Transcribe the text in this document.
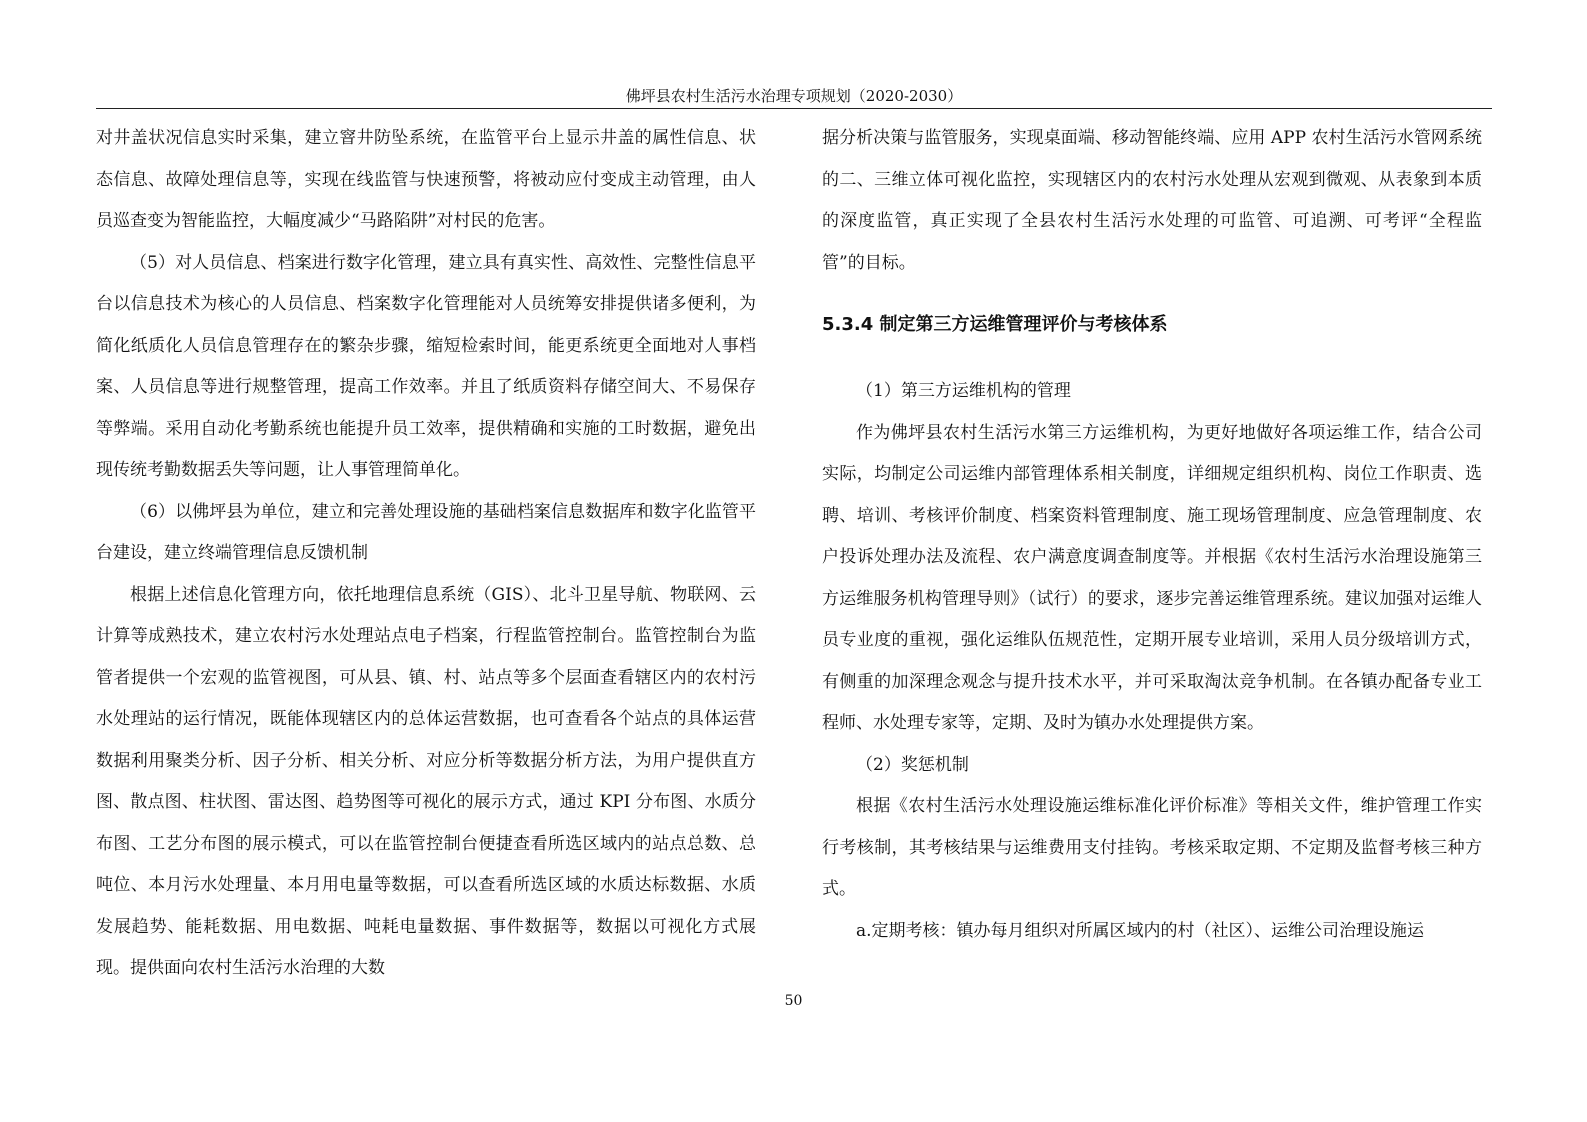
佛坪县农村生活污水治理专项规划（2020-2030）

对井盖状况信息实时采集，建立窨井防坠系统，在监管平台上显示井盖的属性信息、状态信息、故障处理信息等，实现在线监管与快速预警，将被动应付变成主动管理，由人员巡查变为智能监控，大幅度减少“马路陷阱”对村民的危害。

（5）对人员信息、档案进行数字化管理，建立具有真实性、高效性、完整性信息平台以信息技术为核心的人员信息、档案数字化管理能对人员统筹安排提供诸多便利，为简化纸质化人员信息管理存在的繁杂步骤，缩短检索时间，能更系统更全面地对人事档案、人员信息等进行规整管理，提高工作效率。并且了纸质资料存储空间大、不易保存等弊端。采用自动化考勤系统也能提升员工效率，提供精确和实施的工时数据，避免出现传统考勤数据丢失等问题，让人事管理简单化。

（6）以佛坪县为单位，建立和完善处理设施的基础档案信息数据库和数字化监管平台建设，建立终端管理信息反馈机制

根据上述信息化管理方向，依托地理信息系统（GIS）、北斗卫星导航、物联网、云计算等成熟技术，建立农村污水处理站点电子档案，行程监管控制台。监管控制台为监管者提供一个宏观的监管视图，可从县、镇、村、站点等多个层面查看辖区内的农村污水处理站的运行情况，既能体现辖区内的总体运营数据，也可查看各个站点的具体运营数据利用聚类分析、因子分析、相关分析、对应分析等数据分析方法，为用户提供直方图、散点图、柱状图、雷达图、趋势图等可视化的展示方式，通过 KPI 分布图、水质分布图、工艺分布图的展示模式，可以在监管控制台便捷查看所选区域内的站点总数、总吨位、本月污水处理量、本月用电量等数据，可以查看所选区域的水质达标数据、水质发展趋势、能耗数据、用电数据、吨耗电量数据、事件数据等，数据以可视化方式展现。提供面向农村生活污水治理的大数

据分析决策与监管服务，实现桌面端、移动智能终端、应用 APP 农村生活污水管网系统的二、三维立体可视化监控，实现辖区内的农村污水处理从宏观到微观、从表象到本质的深度监管，真正实现了全县农村生活污水处理的可监管、可追溯、可考评“全程监管”的目标。

5.3.4 制定第三方运维管理评价与考核体系

（1）第三方运维机构的管理

作为佛坪县农村生活污水第三方运维机构，为更好地做好各项运维工作，结合公司实际，均制定公司运维内部管理体系相关制度，详细规定组织机构、岗位工作职责、选聘、培训、考核评价制度、档案资料管理制度、施工现场管理制度、应急管理制度、农户投诉处理办法及流程、农户满意度调查制度等。并根据《农村生活污水治理设施第三方运维服务机构管理导则》（试行）的要求，逐步完善运维管理系统。建议加强对运维人员专业度的重视，强化运维队伍规范性，定期开展专业培训，采用人员分级培训方式，有侧重的加深理念观念与提升技术水平，并可采取淘汰竞争机制。在各镇办配备专业工程师、水处理专家等，定期、及时为镇办水处理提供方案。

（2）奖惩机制

根据《农村生活污水处理设施运维标准化评价标准》等相关文件，维护管理工作实行考核制，其考核结果与运维费用支付挂钩。考核采取定期、不定期及监督考核三种方式。

a.定期考核：镇办每月组织对所属区域内的村（社区）、运维公司治理设施运

50
